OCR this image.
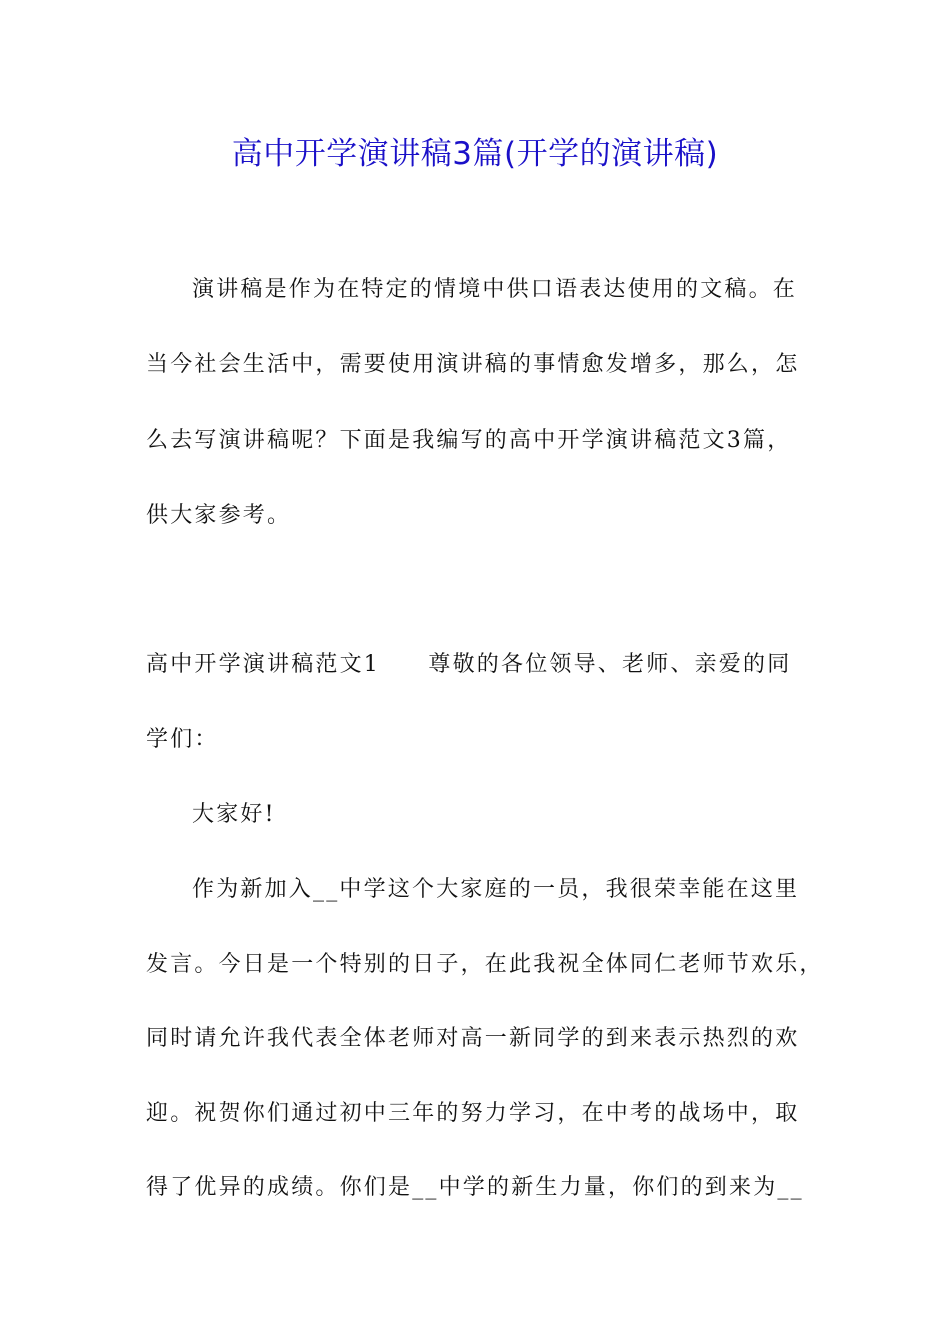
高中开学演讲稿3篇(开学的演讲稿)
演讲稿是作为在特定的情境中供口语表达使用的文稿。在
当今社会生活中，需要使用演讲稿的事情愈发增多，那么，怎
么去写演讲稿呢？下面是我编写的高中开学演讲稿范文3篇，
供大家参考。
高中开学演讲稿范文1　　尊敬的各位领导、老师、亲爱的同
学们：
大家好!
作为新加入__中学这个大家庭的一员，我很荣幸能在这里
发言。今日是一个特别的日子，在此我祝全体同仁老师节欢乐，
同时请允许我代表全体老师对高一新同学的到来表示热烈的欢
迎。祝贺你们通过初中三年的努力学习，在中考的战场中，取
得了优异的成绩。你们是__中学的新生力量，你们的到来为__
